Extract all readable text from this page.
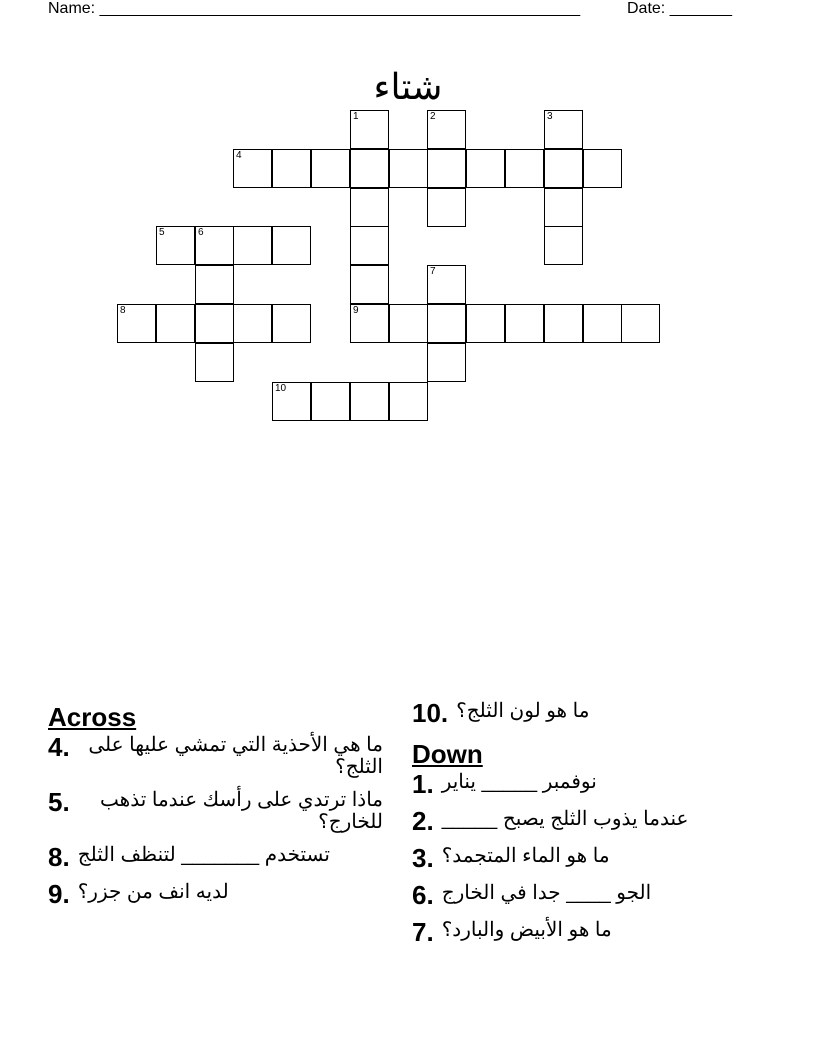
Name: ______________________________________________________	Date: _______
شتاء
1	2	3
4
5	6
7
8	9
10
Across
4. ما هي الأحذية التي تمشي عليها على الثلج؟
5.	ماذا ترتدي على رأسك عندما تذهب للخارج؟
8. تستخدم _______ لتنظف الثلج
9. لديه انف من جزر؟
10. ما هو لون الثلج؟
Down
1. نوفمبر _____ يناير
2. عندما يذوب الثلج يصبح _____
3. ما هو الماء المتجمد؟
6. الجو ____ جدا في الخارج
7. ما هو الأبيض والبارد؟
